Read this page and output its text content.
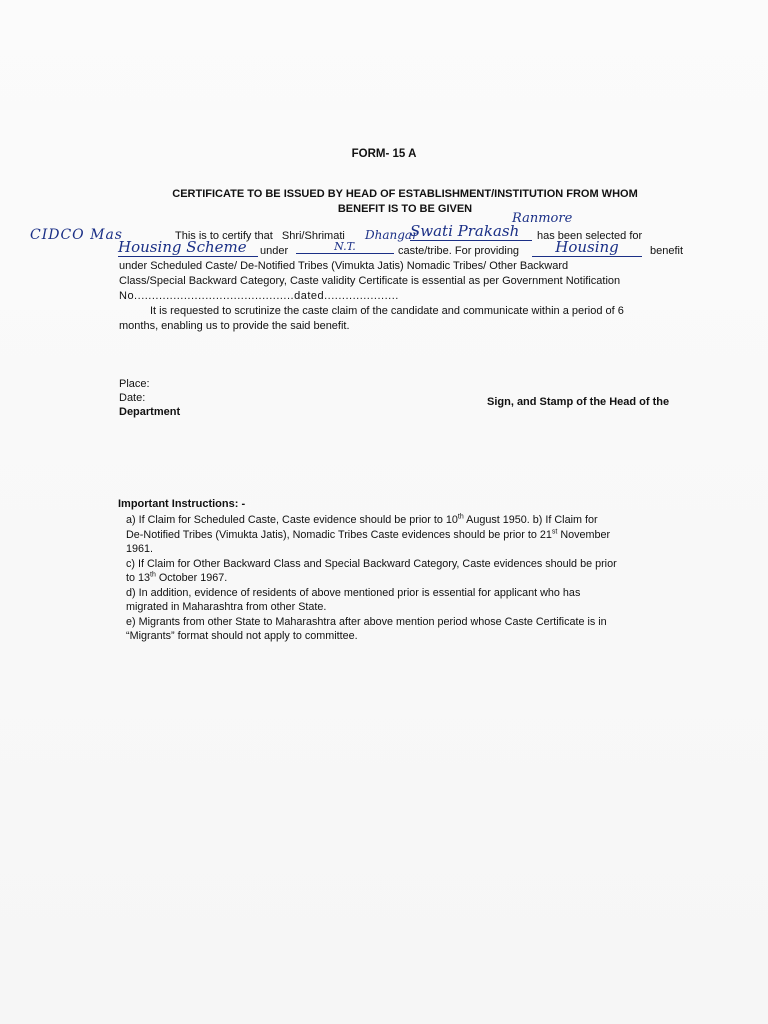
FORM- 15 A
CERTIFICATE TO BE ISSUED BY HEAD OF ESTABLISHMENT/INSTITUTION FROM WHOM
BENEFIT IS TO BE GIVEN
CIDCO Mas
Ranmore
Dhangar
This is to certify that Shri/Shrimati	Swati Prakash	has been selected for
Housing Scheme	under	N.T.	caste/tribe. For providing	Housing	benefit
under Scheduled Caste/ De-Notified Tribes (Vimukta Jatis) Nomadic Tribes/ Other Backward
Class/Special Backward Category, Caste validity Certificate is essential as per Government Notification
No.............................................dated.....................
It is requested to scrutinize the caste claim of the candidate and communicate within a period of 6
months, enabling us to provide the said benefit.
Place:
Date:
Department
Sign, and Stamp of the Head of the
Important Instructions: -
a) If Claim for Scheduled Caste, Caste evidence should be prior to 10th August 1950. b) If Claim for
De-Notified Tribes (Vimukta Jatis), Nomadic Tribes Caste evidences should be prior to 21st November
1961.
c) If Claim for Other Backward Class and Special Backward Category, Caste evidences should be prior
to 13th October 1967.
d) In addition, evidence of residents of above mentioned prior is essential for applicant who has
migrated in Maharashtra from other State.
e) Migrants from other State to Maharashtra after above mention period whose Caste Certificate is in
“Migrants” format should not apply to committee.
